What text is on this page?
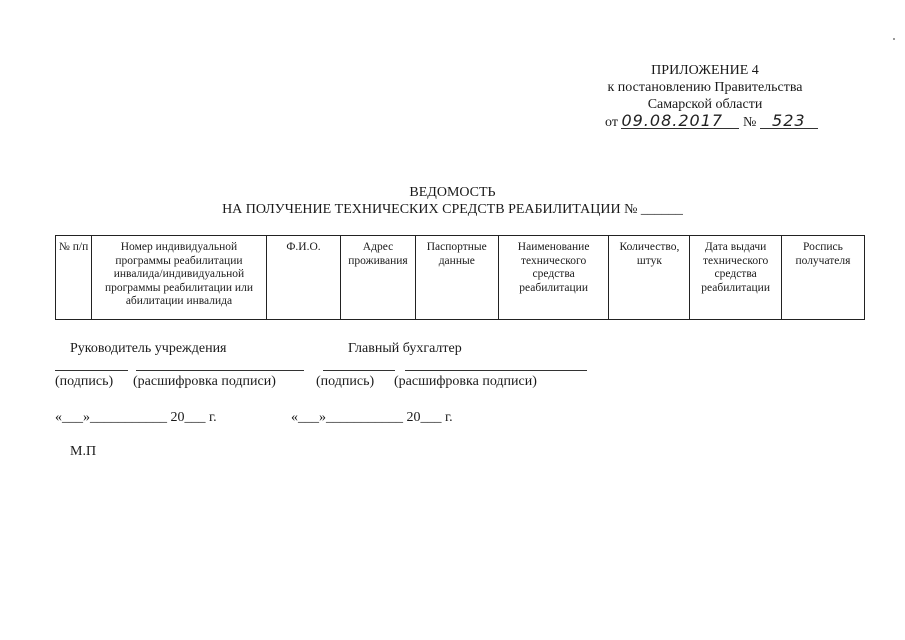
ПРИЛОЖЕНИЕ 4
к постановлению Правительства
Самарской области
от 09.08.2017 № 523
ВЕДОМОСТЬ
НА ПОЛУЧЕНИЕ ТЕХНИЧЕСКИХ СРЕДСТВ РЕАБИЛИТАЦИИ № ______
№ п/п	Номер индивидуальной программы реабилитации инвалида/индивидуальной программы реабилитации или абилитации инвалида	Ф.И.О.	Адрес проживания	Паспортные данные	Наименование технического средства реабилитации	Количество, штук	Дата выдачи технического средства реабилитации	Роспись получателя
Руководитель учреждения	Главный бухгалтер
(подпись) (расшифровка подписи)	(подпись) (расшифровка подписи)
«___»___________ 20___ г.	«___»___________ 20___ г.
М.П
